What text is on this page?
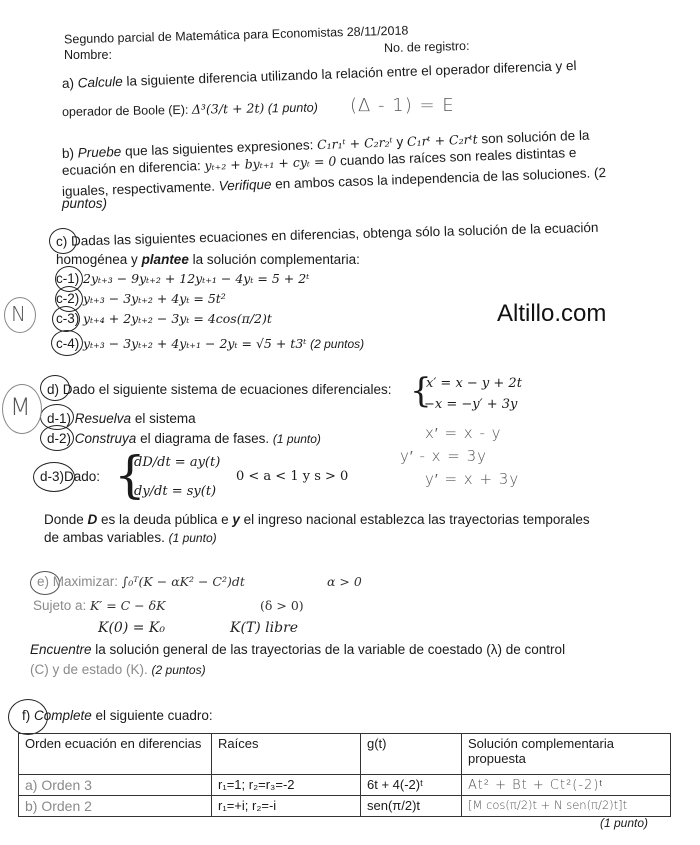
Segundo parcial de Matemática para Economistas 28/11/2018
Nombre:	No. de registro:
a) Calcule la siguiente diferencia utilizando la relación entre el operador diferencia y el
operador de Boole (E): Δ³(3/t + 2t) (1 punto) (Δ - 1) = E
b) Pruebe que las siguientes expresiones: C₁r₁ᵗ + C₂r₂ᵗ y C₁rᵗ + C₂rᵗt son solución de la
ecuación en diferencia: yₜ₊₂ + byₜ₊₁ + cyₜ = 0 cuando las raíces son reales distintas e
iguales, respectivamente. Verifique en ambos casos la independencia de las soluciones. (2
puntos)
c) Dadas las siguientes ecuaciones en diferencias, obtenga sólo la solución de la ecuación
homogénea y plantee la solución complementaria:
c-1) 2yₜ₊₃ − 9yₜ₊₂ + 12yₜ₊₁ − 4yₜ = 5 + 2ᵗ
c-2) yₜ₊₃ − 3yₜ₊₂ + 4yₜ = 5t²
c-3) yₜ₊₄ + 2yₜ₊₂ − 3yₜ = 4cos(π/2)t
c-4) yₜ₊₃ − 3yₜ₊₂ + 4yₜ₊₁ − 2yₜ = √5 + t3ᵗ (2 puntos)
N	Altillo.com
d) Dado el siguiente sistema de ecuaciones diferenciales: {
x′ = x − y + 2t
−x = −y′ + 3y
d-1) Resuelva el sistema
d-2) Construya el diagrama de fases. (1 punto)
d-3)Dado: {
dD/dt = ay(t)
dy/dt = sy(t)
0 < a < 1 y s > 0
Donde D es la deuda pública e y el ingreso nacional establezca las trayectorias temporales
de ambas variables. (1 punto)
M
x′ = x - y
y′ - x = 3y
y′ = x + 3y
e) Maximizar: ∫₀ᵀ(K − αK² − C²)dt	α > 0
Sujeto a: K′ = C − δK	(δ > 0)
K(0) = K₀	K(T) libre
Encuentre la solución general de las trayectorias de la variable de coestado (λ) de control
(C) y de estado (K). (2 puntos)
f) Complete el siguiente cuadro:
Orden ecuación en diferencias	Raíces	g(t)	Solución complementaria propuesta
a) Orden 3	r₁=1; r₂=r₃=-2	6t + 4(-2)ᵗ	At² + Bt + Ct²(-2)ᵗ
b) Orden 2	r₁=+i; r₂=-i	sen(π/2)t	[M cos(π/2)t + N sen(π/2)t]t
(1 punto)
